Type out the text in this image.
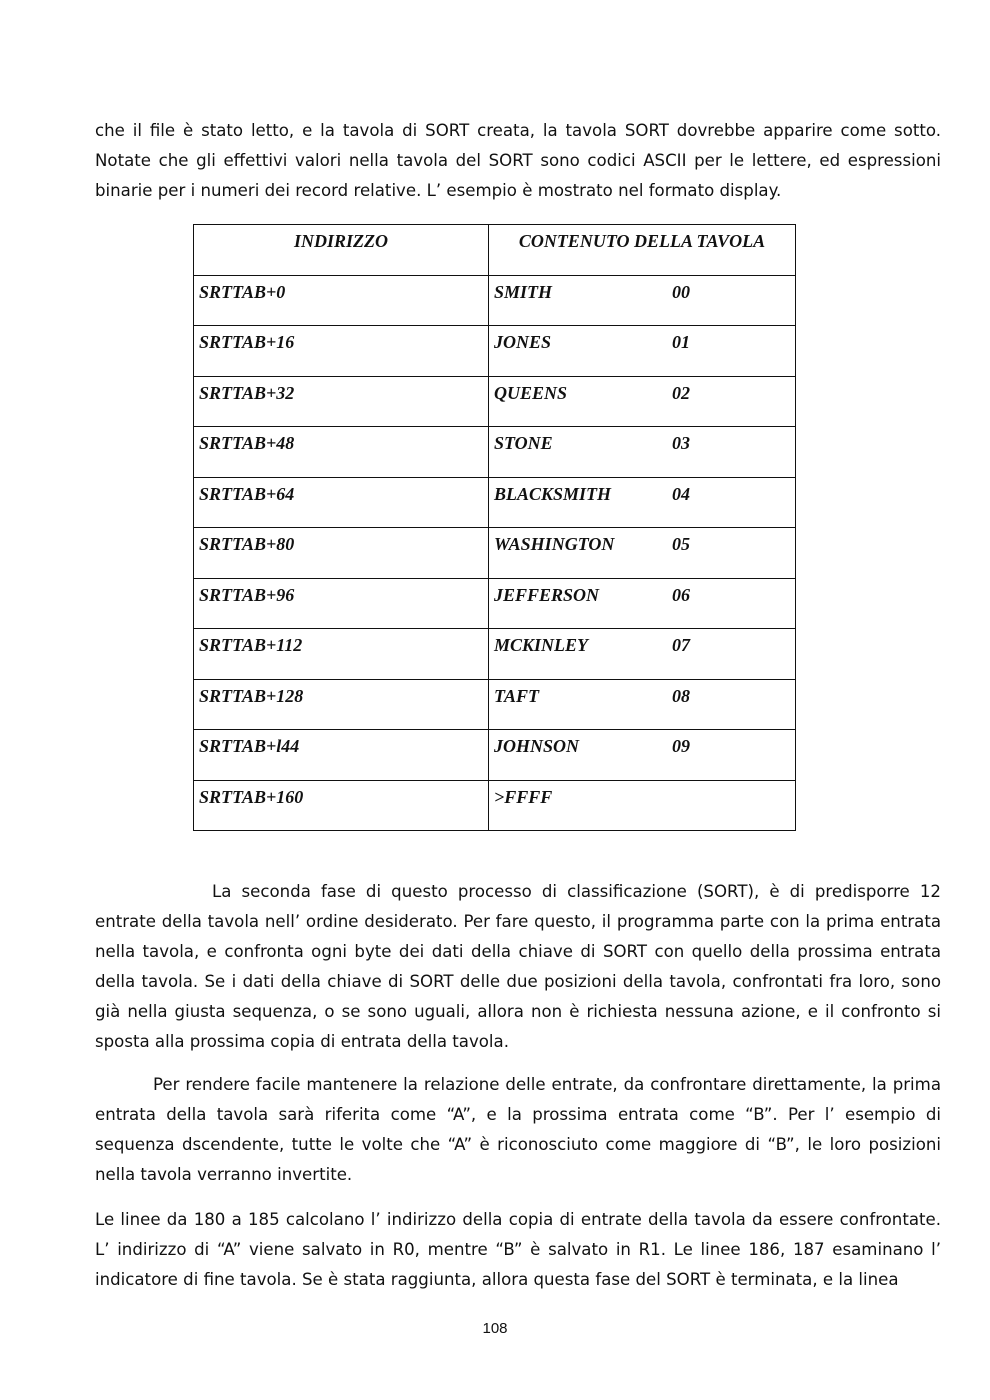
che il file è stato letto, e la tavola di SORT creata, la tavola SORT dovrebbe apparire come sotto. Notate che gli effettivi valori nella tavola del SORT sono codici ASCII per le lettere, ed espressioni binarie per i numeri dei record relative. L’ esempio è mostrato nel formato display.

INDIRIZZO	CONTENUTO DELLA TAVOLA
SRTTAB+0	SMITH 00
SRTTAB+16	JONES 01
SRTTAB+32	QUEENS 02
SRTTAB+48	STONE 03
SRTTAB+64	BLACKSMITH 04
SRTTAB+80	WASHINGTON 05
SRTTAB+96	JEFFERSON 06
SRTTAB+112	MCKINLEY 07
SRTTAB+128	TAFT 08
SRTTAB+l44	JOHNSON 09
SRTTAB+160	>FFFF

La seconda fase di questo processo di classificazione (SORT), è di predisporre 12 entrate della tavola nell’ ordine desiderato. Per fare questo, il programma parte con la prima entrata nella tavola, e confronta ogni byte dei dati della chiave di SORT con quello della prossima entrata della tavola. Se i dati della chiave di SORT delle due posizioni della tavola, confrontati fra loro, sono già nella giusta sequenza, o se sono uguali, allora non è richiesta nessuna azione, e il confronto si sposta alla prossima copia di entrata della tavola.

Per rendere facile mantenere la relazione delle entrate, da confrontare direttamente, la prima entrata della tavola sarà riferita come “A”, e la prossima entrata come “B”. Per l’ esempio di sequenza dscendente, tutte le volte che “A” è riconosciuto come maggiore di “B”, le loro posizioni nella tavola verranno invertite.

Le linee da 180 a 185 calcolano l’ indirizzo della copia di entrate della tavola da essere confrontate. L’ indirizzo di “A” viene salvato in R0, mentre “B” è salvato in R1. Le linee 186, 187 esaminano l’ indicatore di fine tavola. Se è stata raggiunta, allora questa fase del SORT è terminata, e la linea

108
